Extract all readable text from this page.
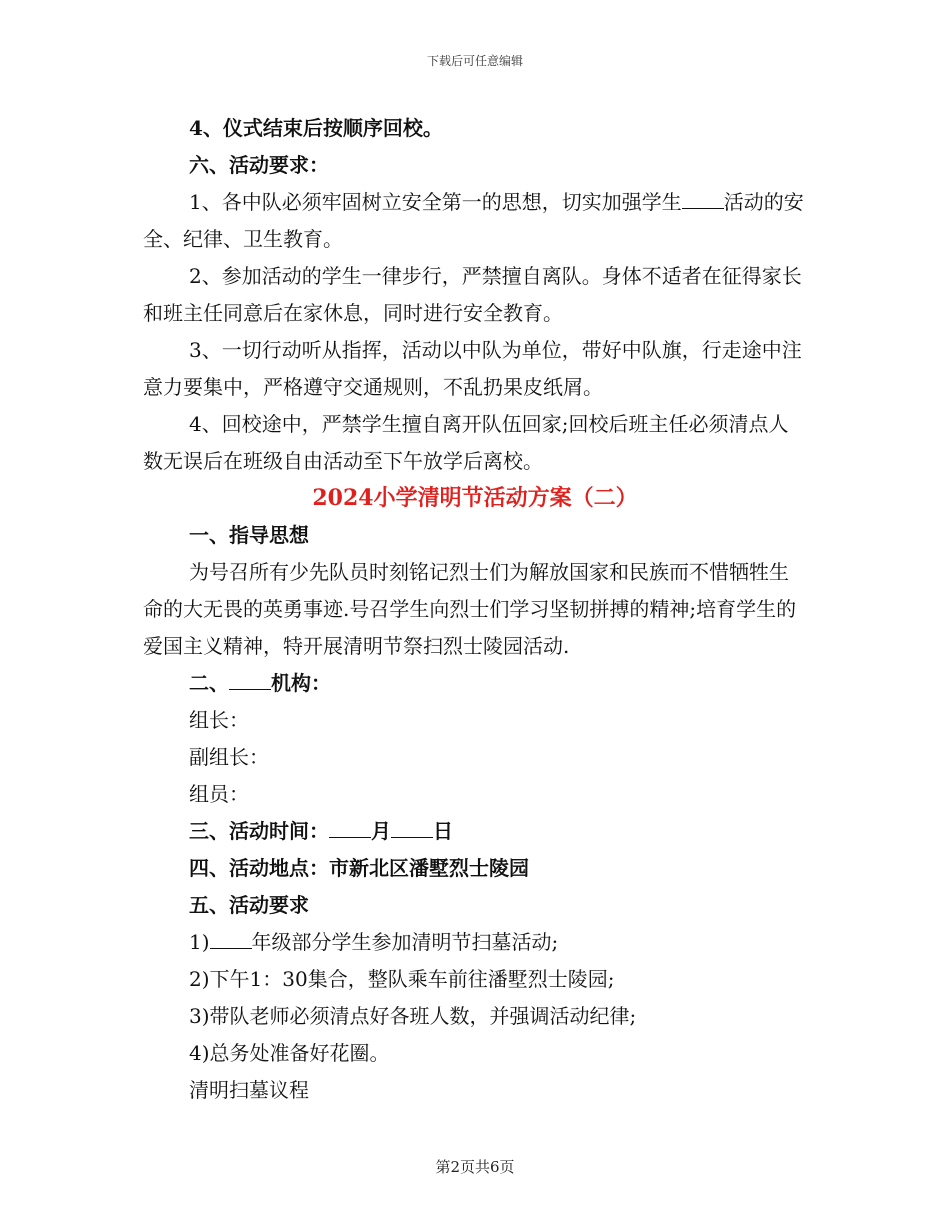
下载后可任意编辑

4、仪式结束后按顺序回校。

六、活动要求：

1、各中队必须牢固树立安全第一的思想，切实加强学生 活动的安全、纪律、卫生教育。

2、参加活动的学生一律步行，严禁擅自离队。身体不适者在征得家长和班主任同意后在家休息，同时进行安全教育。

3、一切行动听从指挥，活动以中队为单位，带好中队旗，行走途中注意力要集中，严格遵守交通规则，不乱扔果皮纸屑。

4、回校途中，严禁学生擅自离开队伍回家;回校后班主任必须清点人数无误后在班级自由活动至下午放学后离校。

2024小学清明节活动方案（二）

一、指导思想

为号召所有少先队员时刻铭记烈士们为解放国家和民族而不惜牺牲生命的大无畏的英勇事迹.号召学生向烈士们学习坚韧拼搏的精神;培育学生的爱国主义精神，特开展清明节祭扫烈士陵园活动.

二、 机构：

组长：

副组长：

组员：

三、活动时间： 月 日

四、活动地点：市新北区潘墅烈士陵园

五、活动要求

1) 年级部分学生参加清明节扫墓活动;

2)下午1：30集合，整队乘车前往潘墅烈士陵园;

3)带队老师必须清点好各班人数，并强调活动纪律;

4)总务处准备好花圈。

清明扫墓议程

第2页共6页
